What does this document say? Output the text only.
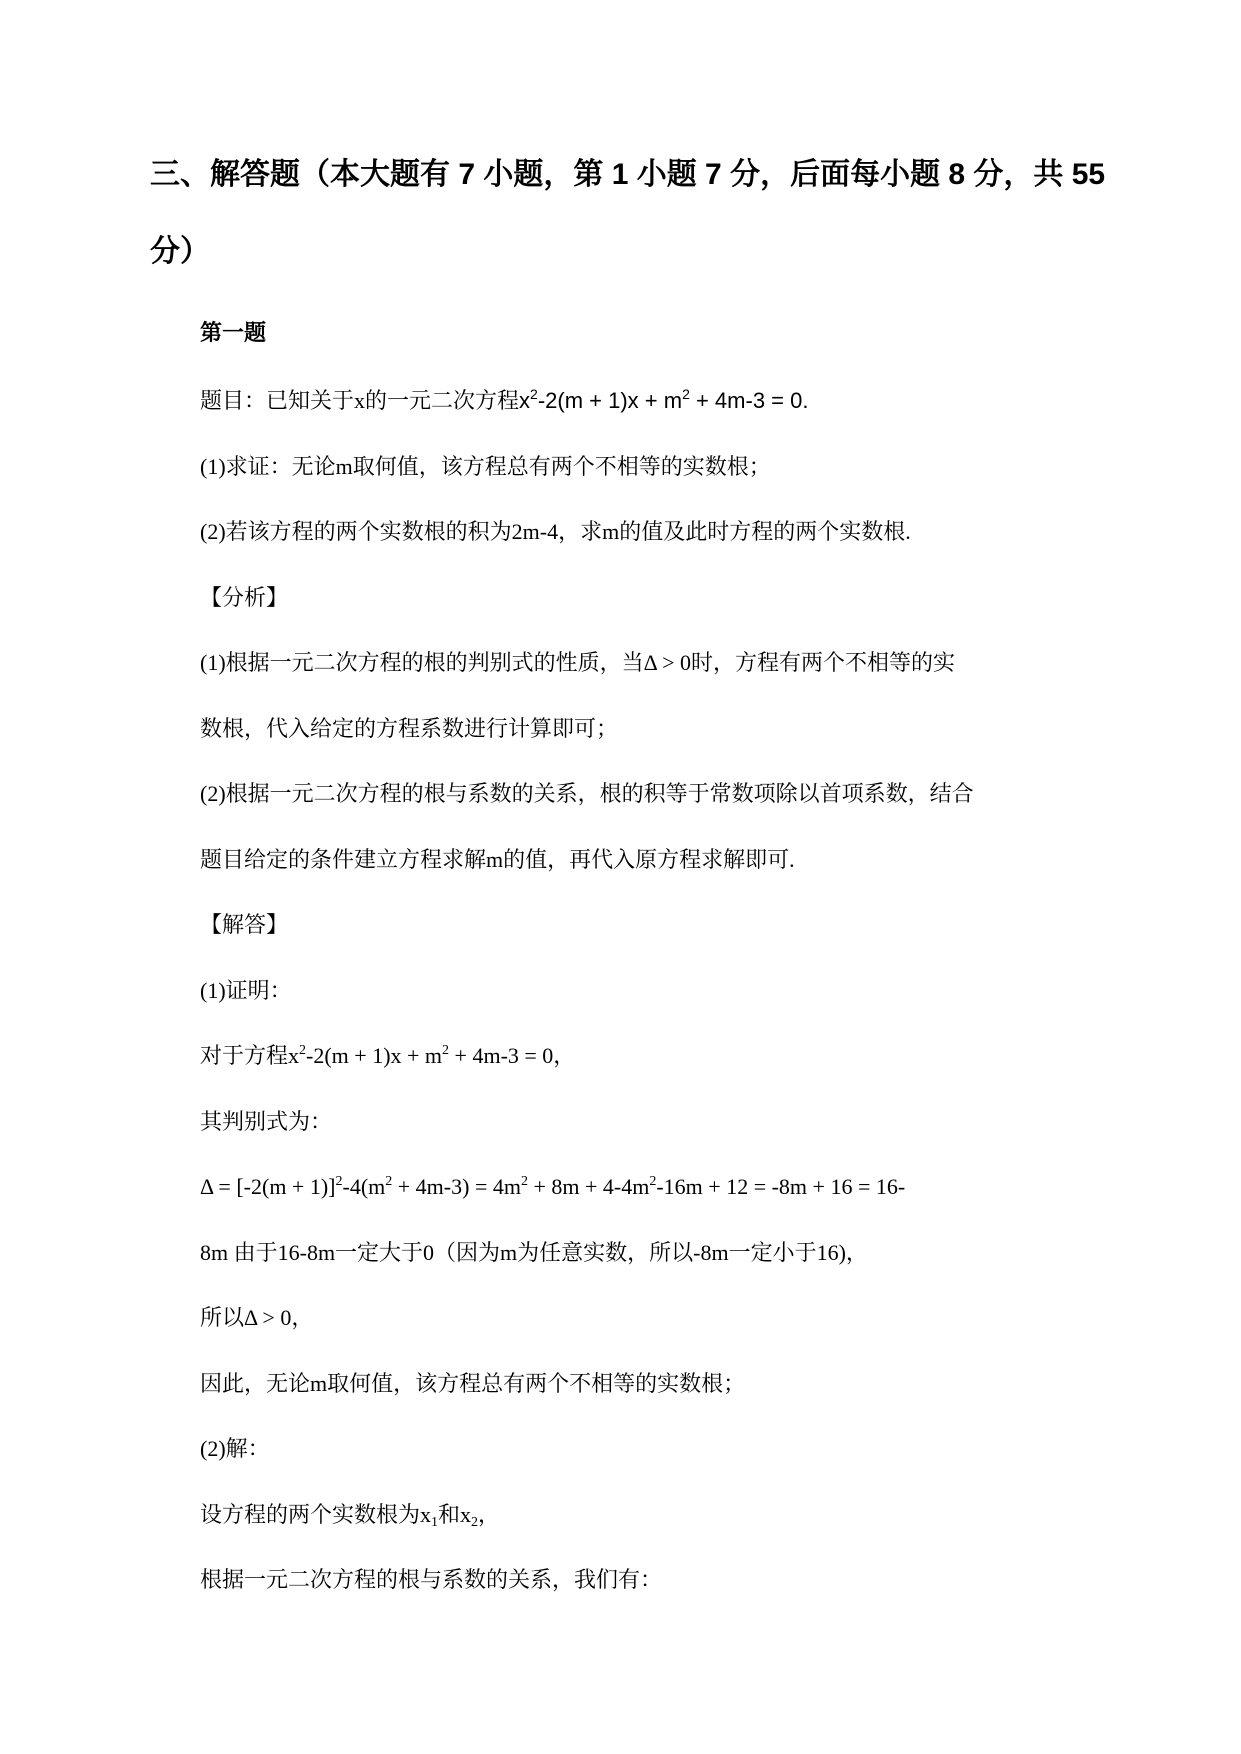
三、解答题（本大题有 7 小题，第 1 小题 7 分，后面每小题 8 分，共 55
分）
第一题
题目：已知关于x的一元二次方程$x^2-2(m + 1)x + m^2 + 4m-3 = 0$.
(1)求证：无论m取何值，该方程总有两个不相等的实数根；
(2)若该方程的两个实数根的积为2m-4，求m的值及此时方程的两个实数根.
【分析】
(1)根据一元二次方程的根的判别式的性质，当Δ > 0时，方程有两个不相等的实
数根，代入给定的方程系数进行计算即可；
(2)根据一元二次方程的根与系数的关系，根的积等于常数项除以首项系数，结合
题目给定的条件建立方程求解m的值，再代入原方程求解即可.
【解答】
(1)证明：
对于方程$x^2-2(m + 1)x + m^2 + 4m-3 = 0$，
其判别式为：
$\Delta = [-2(m + 1)]^2-4(m^2 + 4m-3) = 4m^2 + 8m + 4-4m^2-16m + 12 = -8m + 16 = 16-$
8m 由于16-8m一定大于0（因为m为任意实数，所以-8m一定小于16)，
所以Δ > 0，
因此，无论m取何值，该方程总有两个不相等的实数根；
(2)解：
设方程的两个实数根为$x_1$和$x_2$，
根据一元二次方程的根与系数的关系，我们有：
